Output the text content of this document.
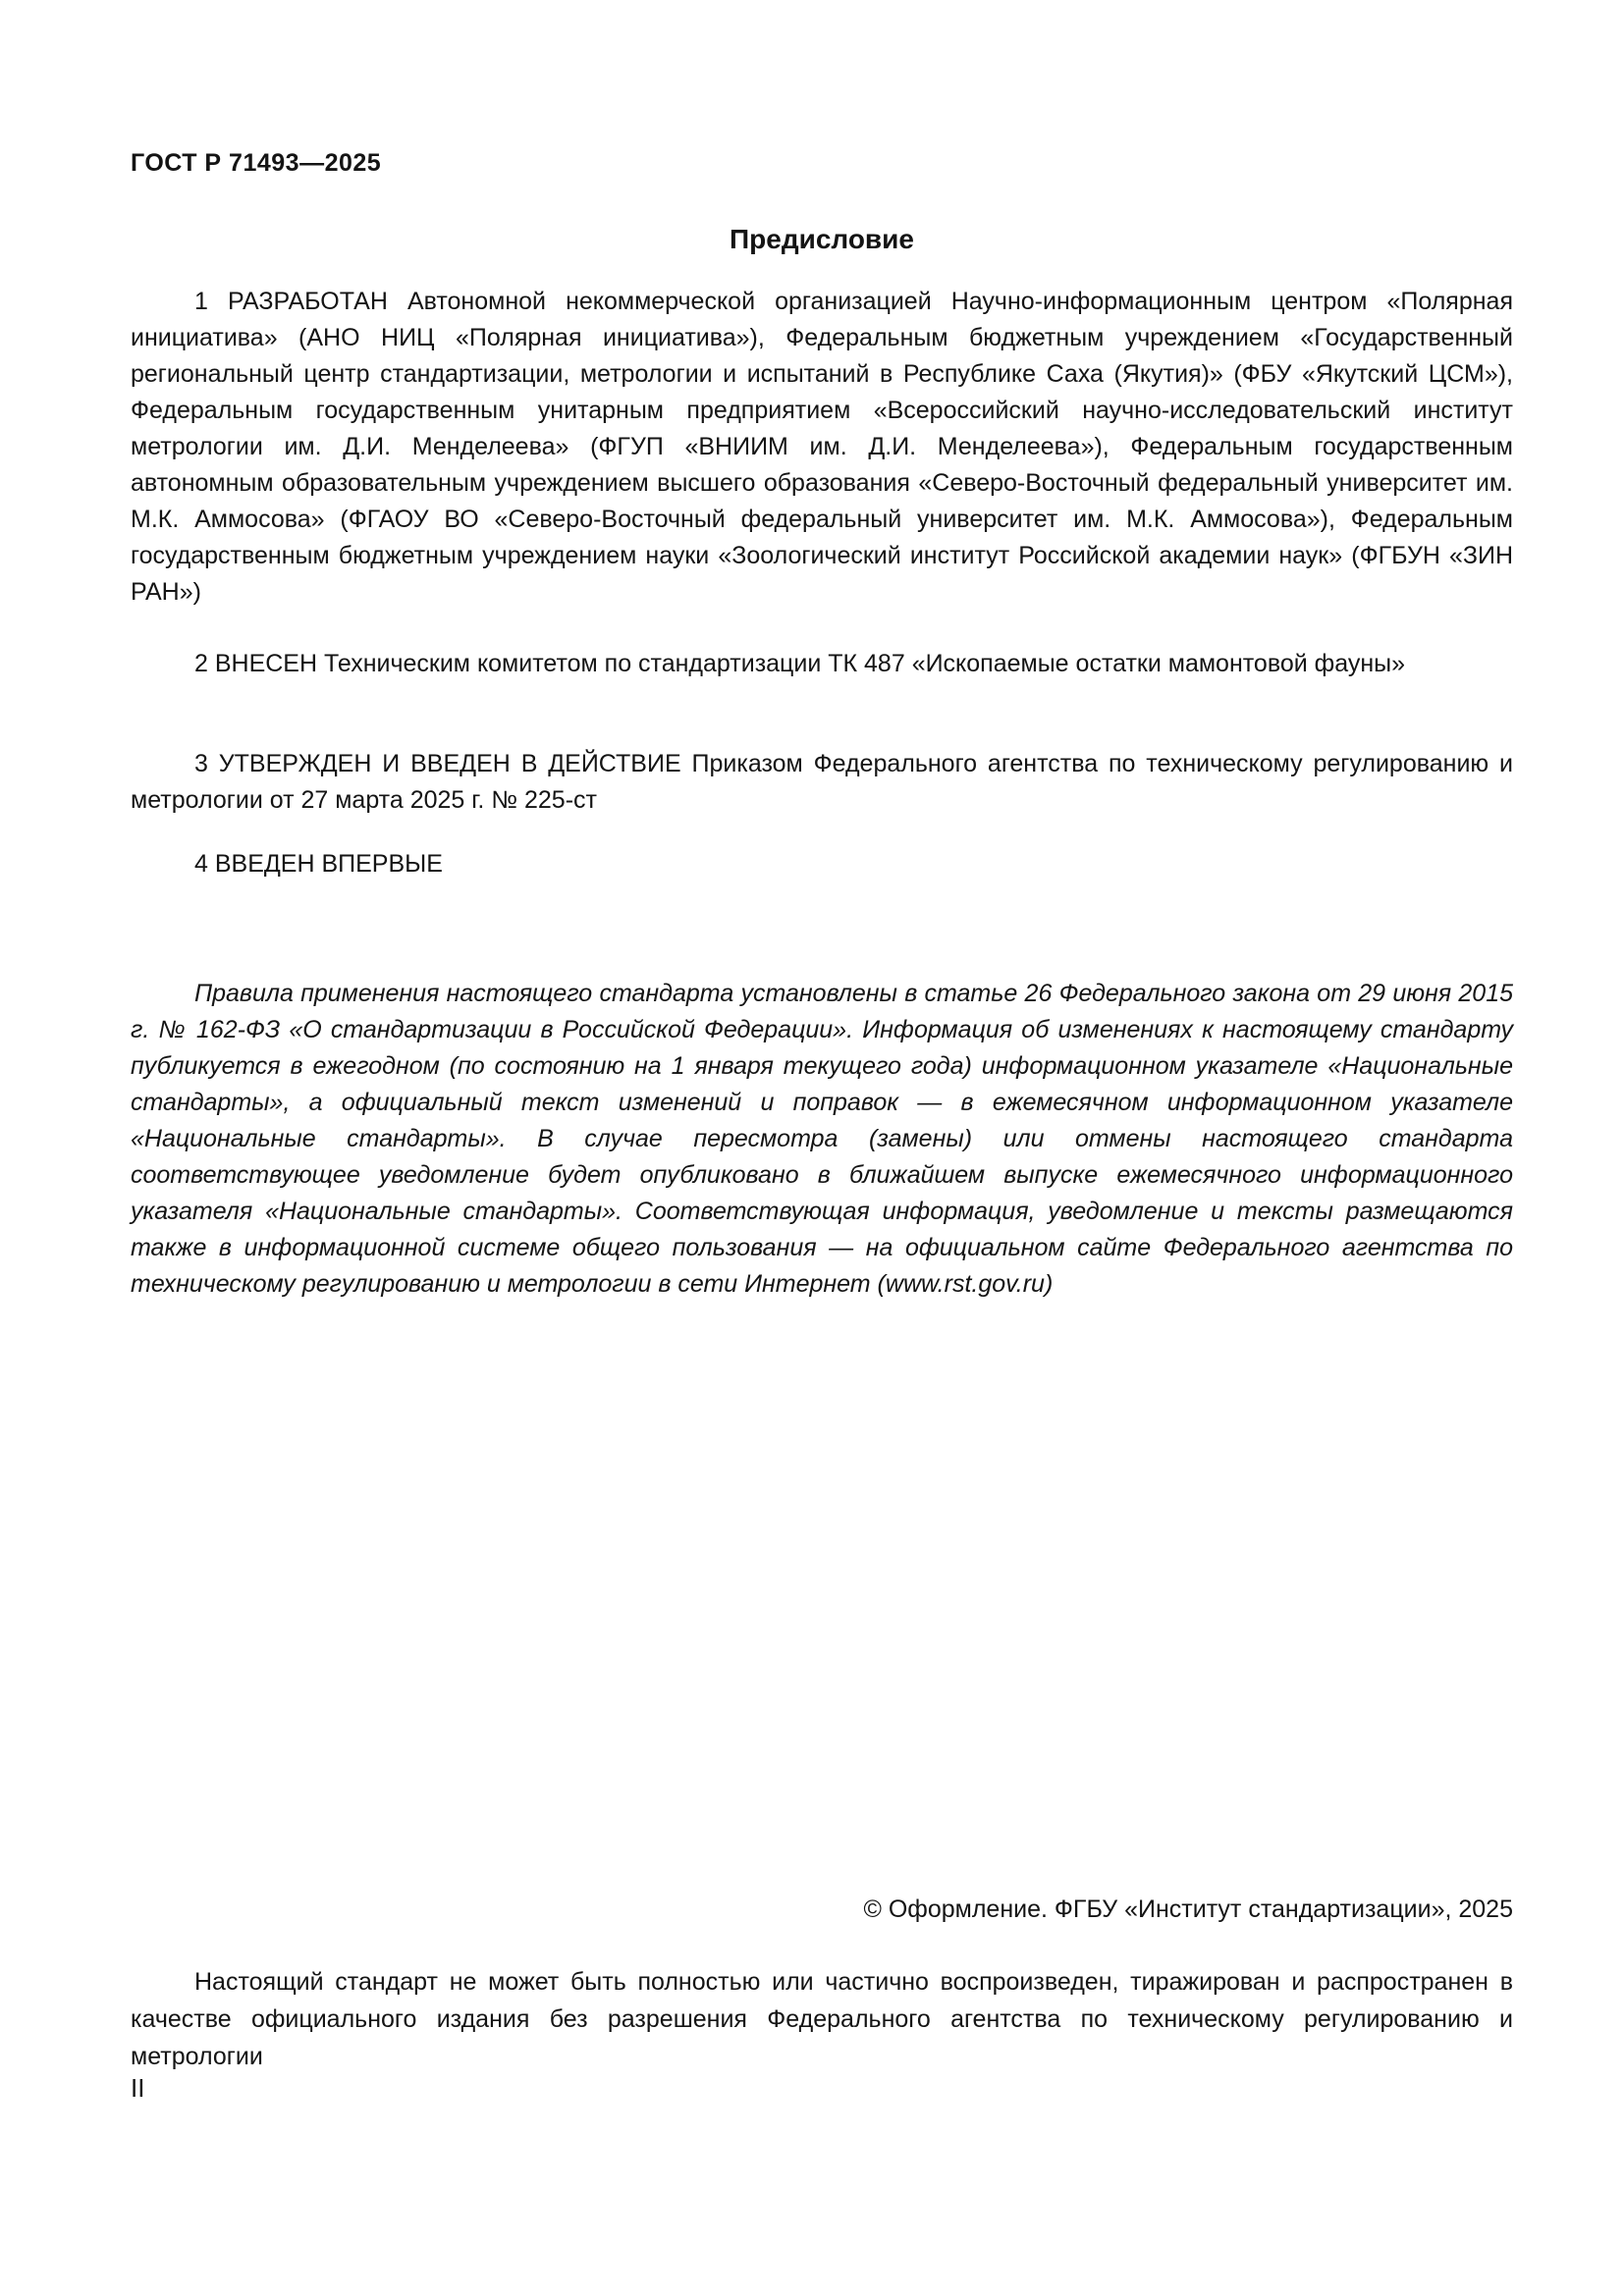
ГОСТ Р 71493—2025
Предисловие

1 РАЗРАБОТАН Автономной некоммерческой организацией Научно-информационным центром «Полярная инициатива» (АНО НИЦ «Полярная инициатива»), Федеральным бюджетным учреждением «Государственный региональный центр стандартизации, метрологии и испытаний в Республике Саха (Якутия)» (ФБУ «Якутский ЦСМ»), Федеральным государственным унитарным предприятием «Всероссийский научно-исследовательский институт метрологии им. Д.И. Менделеева» (ФГУП «ВНИИМ им. Д.И. Менделеева»), Федеральным государственным автономным образовательным учреждением высшего образования «Северо-Восточный федеральный университет им. М.К. Аммосова» (ФГАОУ ВО «Северо-Восточный федеральный университет им. М.К. Аммосова»), Федеральным государственным бюджетным учреждением науки «Зоологический институт Российской академии наук» (ФГБУН «ЗИН РАН»)

2 ВНЕСЕН Техническим комитетом по стандартизации ТК 487 «Ископаемые остатки мамонтовой фауны»

3 УТВЕРЖДЕН И ВВЕДЕН В ДЕЙСТВИЕ Приказом Федерального агентства по техническому регулированию и метрологии от 27 марта 2025 г. № 225-ст

4 ВВЕДЕН ВПЕРВЫЕ

Правила применения настоящего стандарта установлены в статье 26 Федерального закона от 29 июня 2015 г. № 162-ФЗ «О стандартизации в Российской Федерации». Информация об изменениях к настоящему стандарту публикуется в ежегодном (по состоянию на 1 января текущего года) информационном указателе «Национальные стандарты», а официальный текст изменений и поправок — в ежемесячном информационном указателе «Национальные стандарты». В случае пересмотра (замены) или отмены настоящего стандарта соответствующее уведомление будет опубликовано в ближайшем выпуске ежемесячного информационного указателя «Национальные стандарты». Соответствующая информация, уведомление и тексты размещаются также в информационной системе общего пользования — на официальном сайте Федерального агентства по техническому регулированию и метрологии в сети Интернет (www.rst.gov.ru)

© Оформление. ФГБУ «Институт стандартизации», 2025

Настоящий стандарт не может быть полностью или частично воспроизведен, тиражирован и распространен в качестве официального издания без разрешения Федерального агентства по техническому регулированию и метрологии

II
